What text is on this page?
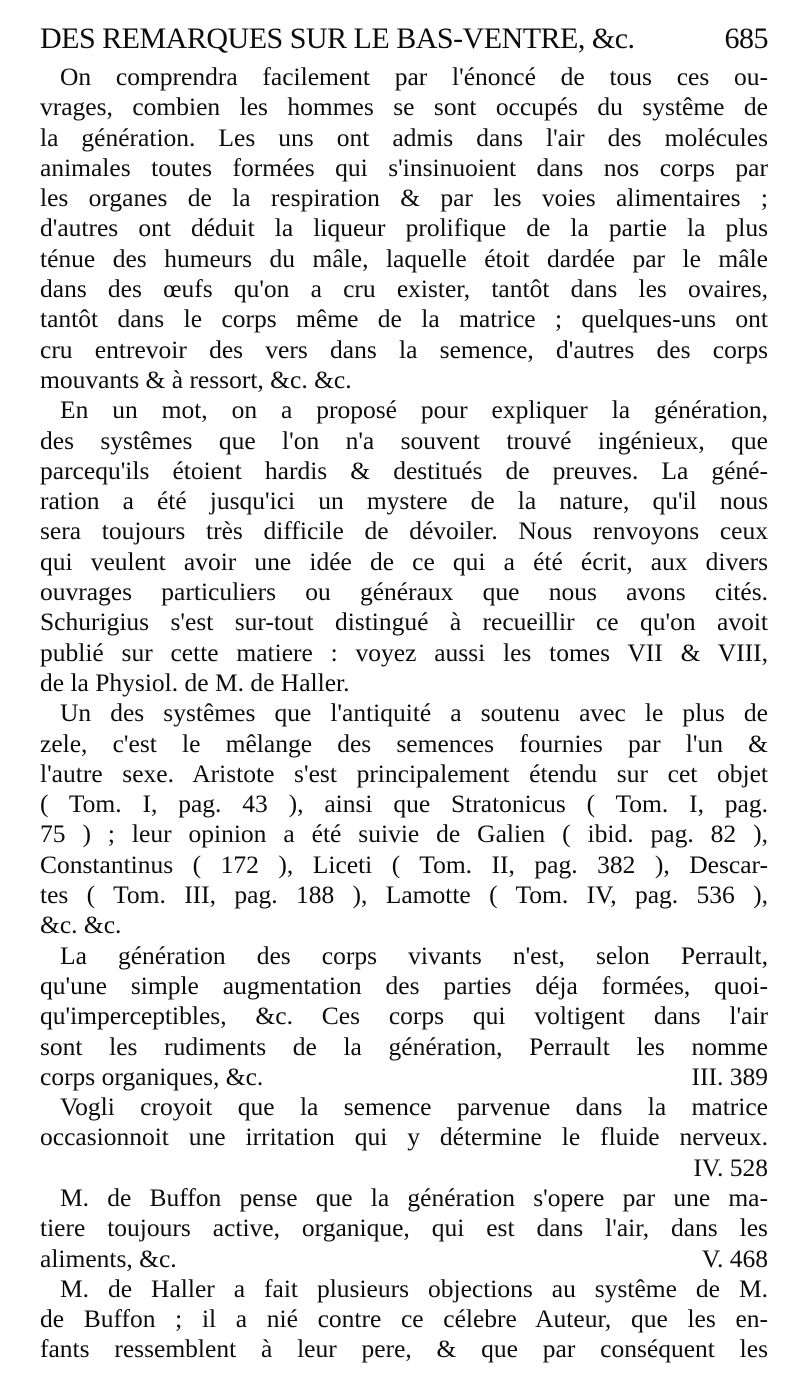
DES REMARQUES SUR LE BAS-VENTRE, &c.	685
On comprendra facilement par l'énoncé de tous ces ou-
vrages, combien les hommes se sont occupés du systême de
la génération. Les uns ont admis dans l'air des molécules
animales toutes formées qui s'insinuoient dans nos corps par
les organes de la respiration & par les voies alimentaires ;
d'autres ont déduit la liqueur prolifique de la partie la plus
ténue des humeurs du mâle, laquelle étoit dardée par le mâle
dans des œufs qu'on a cru exister, tantôt dans les ovaires,
tantôt dans le corps même de la matrice ; quelques-uns ont
cru entrevoir des vers dans la semence, d'autres des corps
mouvants & à ressort, &c. &c.
En un mot, on a proposé pour expliquer la génération,
des systêmes que l'on n'a souvent trouvé ingénieux, que
parcequ'ils étoient hardis & destitués de preuves. La géné-
ration a été jusqu'ici un mystere de la nature, qu'il nous
sera toujours très difficile de dévoiler. Nous renvoyons ceux
qui veulent avoir une idée de ce qui a été écrit, aux divers
ouvrages particuliers ou généraux que nous avons cités.
Schurigius s'est sur-tout distingué à recueillir ce qu'on avoit
publié sur cette matiere : voyez aussi les tomes VII & VIII,
de la Physiol. de M. de Haller.
Un des systêmes que l'antiquité a soutenu avec le plus de
zele, c'est le mêlange des semences fournies par l'un &
l'autre sexe. Aristote s'est principalement étendu sur cet objet
( Tom. I, pag. 43 ), ainsi que Stratonicus ( Tom. I, pag.
75 ) ; leur opinion a été suivie de Galien ( ibid. pag. 82 ),
Constantinus ( 172 ), Liceti ( Tom. II, pag. 382 ), Descar-
tes ( Tom. III, pag. 188 ), Lamotte ( Tom. IV, pag. 536 ),
&c. &c.
La génération des corps vivants n'est, selon Perrault,
qu'une simple augmentation des parties déja formées, quoi-
qu'imperceptibles, &c. Ces corps qui voltigent dans l'air
sont les rudiments de la génération, Perrault les nomme
corps organiques, &c.	III. 389
Vogli croyoit que la semence parvenue dans la matrice
occasionnoit une irritation qui y détermine le fluide nerveux.
IV. 528
M. de Buffon pense que la génération s'opere par une ma-
tiere toujours active, organique, qui est dans l'air, dans les
aliments, &c.	V. 468
M. de Haller a fait plusieurs objections au systême de M.
de Buffon ; il a nié contre ce célebre Auteur, que les en-
fants ressemblent à leur pere, & que par conséquent les
